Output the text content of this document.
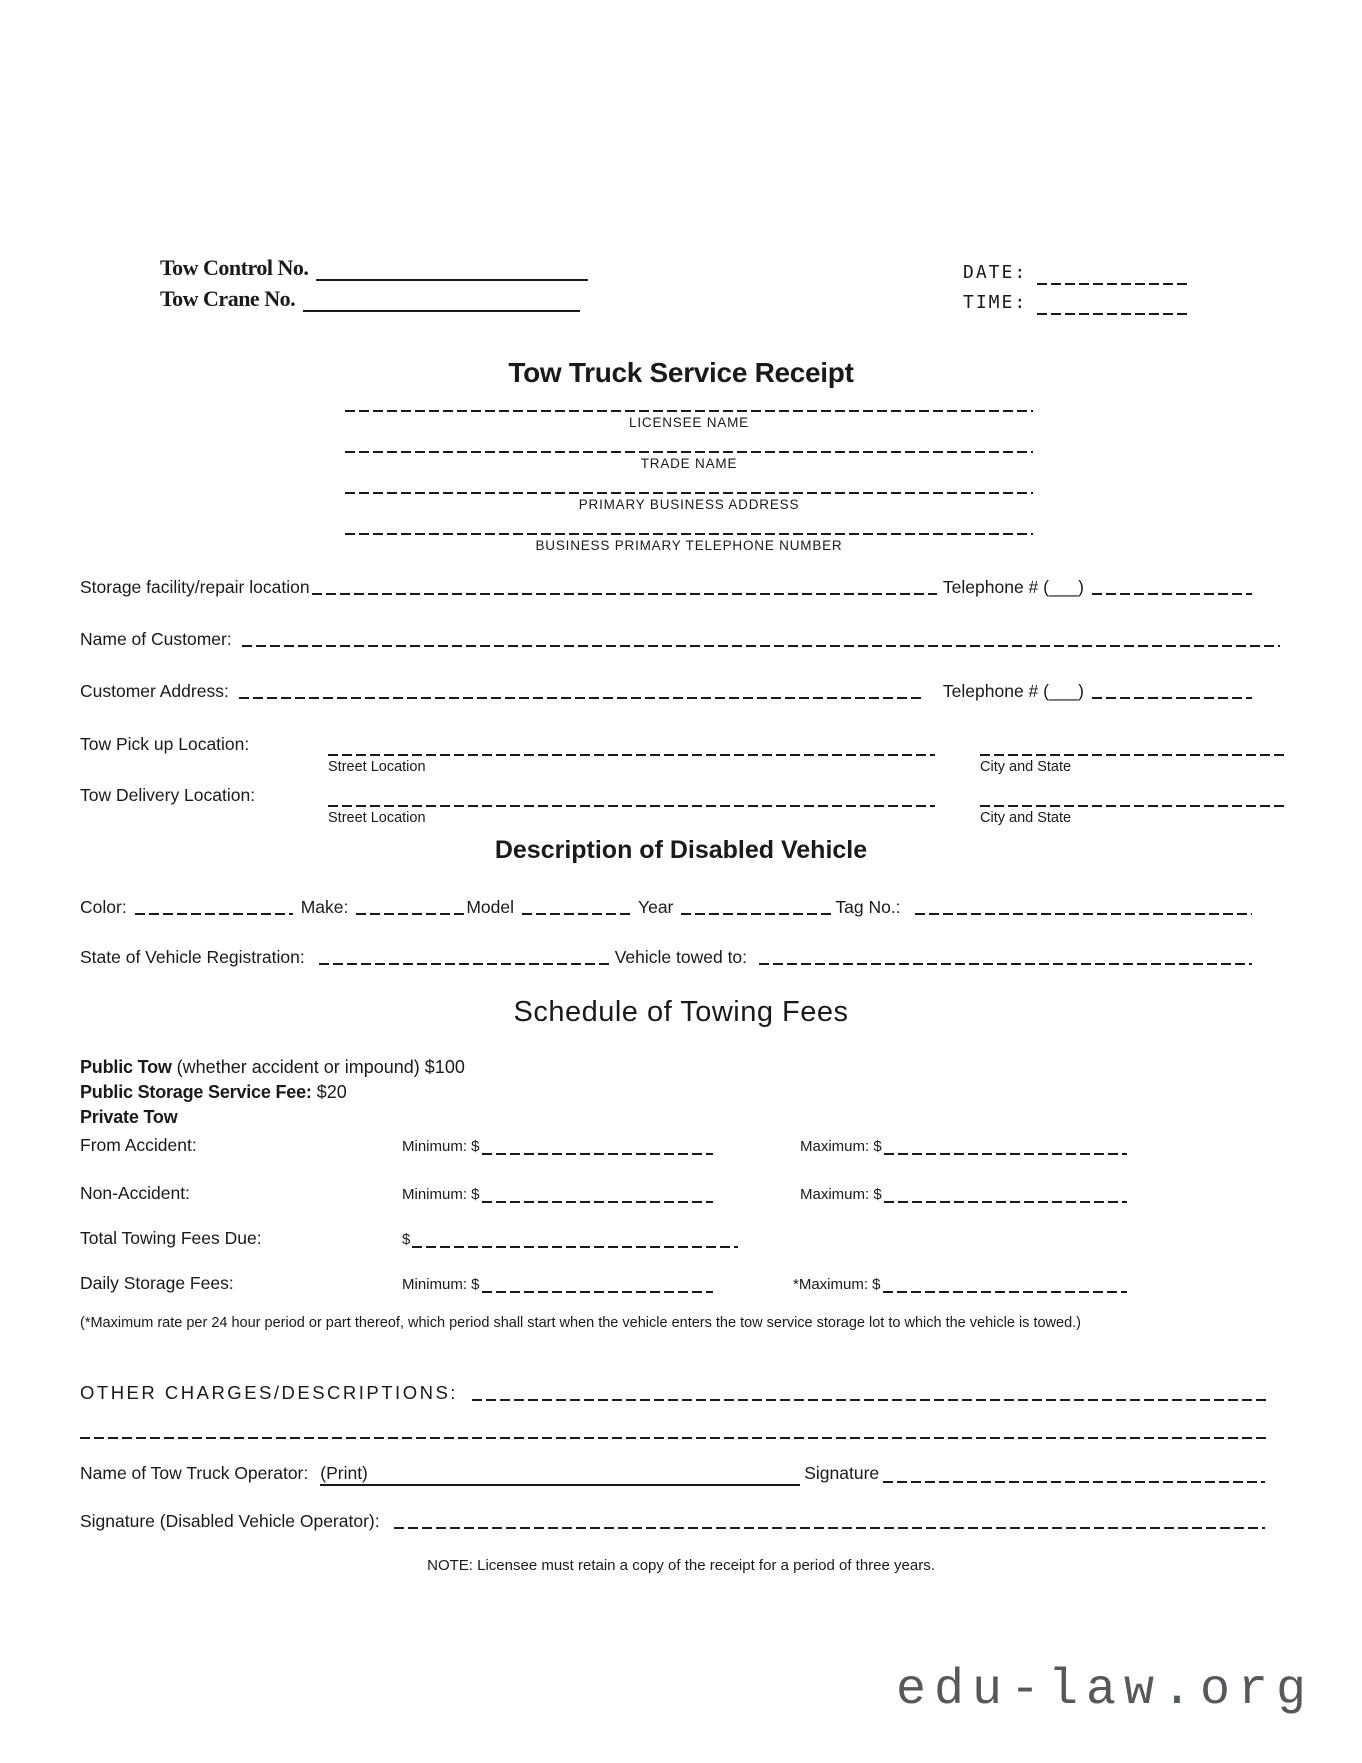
Tow Control No.
Tow Crane No.
DATE:
TIME:
Tow Truck Service Receipt
LICENSEE NAME
TRADE NAME
PRIMARY BUSINESS ADDRESS
BUSINESS PRIMARY TELEPHONE NUMBER
Storage facility/repair location	Telephone # (___)
Name of Customer:
Customer Address:	Telephone # (___)
Tow Pick up Location:
Street Location	City and State
Tow Delivery Location:
Street Location	City and State
Description of Disabled Vehicle
Color:	Make:	Model	Year	Tag No.:
State of Vehicle Registration:	Vehicle towed to:
Schedule of Towing Fees
Public Tow (whether accident or impound) $100
Public Storage Service Fee: $20
Private Tow
From Accident:	Minimum: $	Maximum: $
Non-Accident:	Minimum: $	Maximum: $
Total Towing Fees Due:	$
Daily Storage Fees:	Minimum: $	*Maximum: $
(*Maximum rate per 24 hour period or part thereof, which period shall start when the vehicle enters the tow service storage lot to which the vehicle is towed.)
OTHER CHARGES/DESCRIPTIONS:
Name of Tow Truck Operator: (Print)	Signature
Signature (Disabled Vehicle Operator):
NOTE: Licensee must retain a copy of the receipt for a period of three years.
edu-law.org
